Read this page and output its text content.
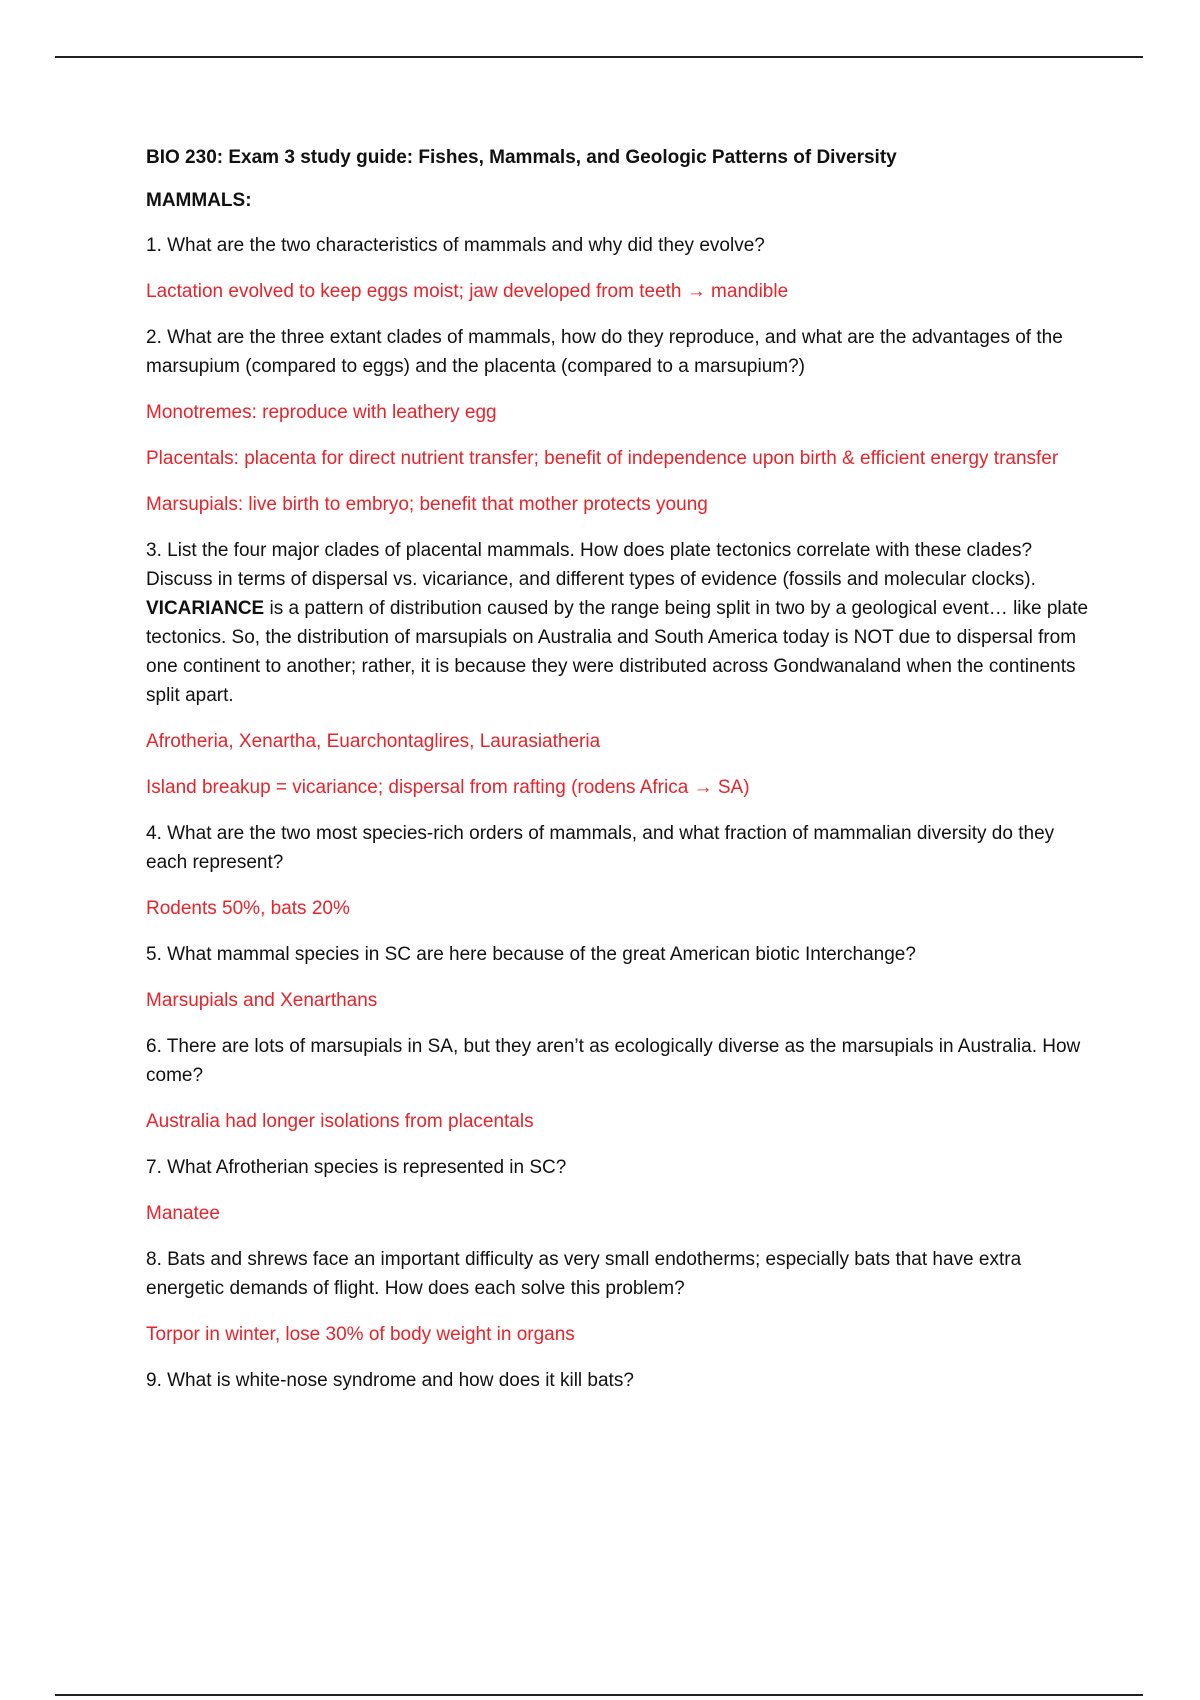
BIO 230: Exam 3 study guide: Fishes, Mammals, and Geologic Patterns of Diversity

MAMMALS:

1. What are the two characteristics of mammals and why did they evolve?

Lactation evolved to keep eggs moist; jaw developed from teeth → mandible

2. What are the three extant clades of mammals, how do they reproduce, and what are the advantages of the marsupium (compared to eggs) and the placenta (compared to a marsupium?)

Monotremes: reproduce with leathery egg

Placentals: placenta for direct nutrient transfer; benefit of independence upon birth & efficient energy transfer

Marsupials: live birth to embryo; benefit that mother protects young

3. List the four major clades of placental mammals. How does plate tectonics correlate with these clades? Discuss in terms of dispersal vs. vicariance, and different types of evidence (fossils and molecular clocks). VICARIANCE is a pattern of distribution caused by the range being split in two by a geological event… like plate tectonics. So, the distribution of marsupials on Australia and South America today is NOT due to dispersal from one continent to another; rather, it is because they were distributed across Gondwanaland when the continents split apart.

Afrotheria, Xenartha, Euarchontaglires, Laurasiatheria

Island breakup = vicariance; dispersal from rafting (rodens Africa → SA)

4. What are the two most species-rich orders of mammals, and what fraction of mammalian diversity do they each represent?

Rodents 50%, bats 20%

5. What mammal species in SC are here because of the great American biotic Interchange?

Marsupials and Xenarthans

6. There are lots of marsupials in SA, but they aren’t as ecologically diverse as the marsupials in Australia. How come?

Australia had longer isolations from placentals

7. What Afrotherian species is represented in SC?

Manatee

8. Bats and shrews face an important difficulty as very small endotherms; especially bats that have extra energetic demands of flight. How does each solve this problem?

Torpor in winter, lose 30% of body weight in organs

9. What is white-nose syndrome and how does it kill bats?
